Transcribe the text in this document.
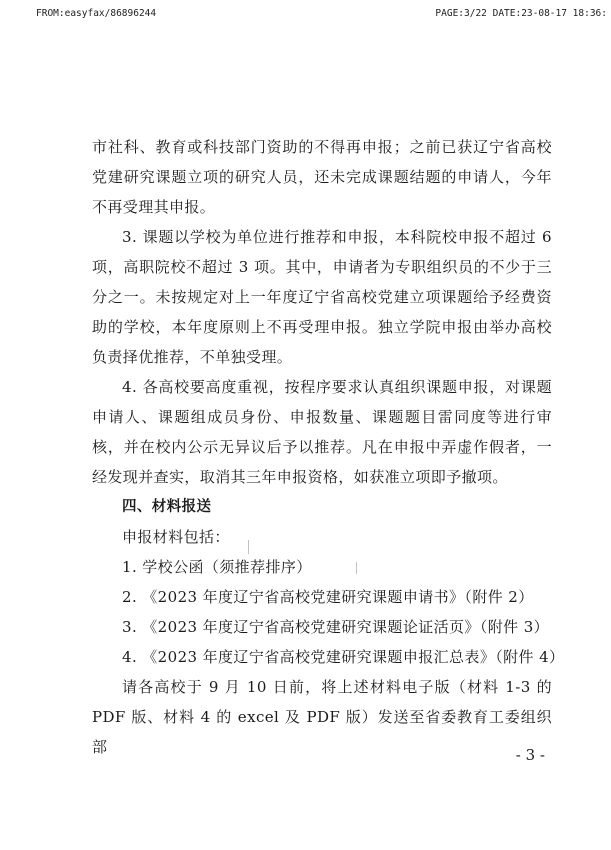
FROM:easyfax/86896244	PAGE:3/22 DATE:23-08-17 18:36:

市社科、教育或科技部门资助的不得再申报；之前已获辽宁省高校党建研究课题立项的研究人员，还未完成课题结题的申请人，今年不再受理其申报。

3. 课题以学校为单位进行推荐和申报，本科院校申报不超过 6 项，高职院校不超过 3 项。其中，申请者为专职组织员的不少于三分之一。未按规定对上一年度辽宁省高校党建立项课题给予经费资助的学校，本年度原则上不再受理申报。独立学院申报由举办高校负责择优推荐，不单独受理。

4. 各高校要高度重视，按程序要求认真组织课题申报，对课题申请人、课题组成员身份、申报数量、课题题目雷同度等进行审核，并在校内公示无异议后予以推荐。凡在申报中弄虚作假者，一经发现并查实，取消其三年申报资格，如获准立项即予撤项。

四、材料报送

申报材料包括：

1. 学校公函（须推荐排序）

2. 《2023 年度辽宁省高校党建研究课题申请书》（附件 2）

3. 《2023 年度辽宁省高校党建研究课题论证活页》（附件 3）

4. 《2023 年度辽宁省高校党建研究课题申报汇总表》（附件 4）

请各高校于 9 月 10 日前，将上述材料电子版（材料 1-3 的 PDF 版、材料 4 的 excel 及 PDF 版）发送至省委教育工委组织部	- 3 -
